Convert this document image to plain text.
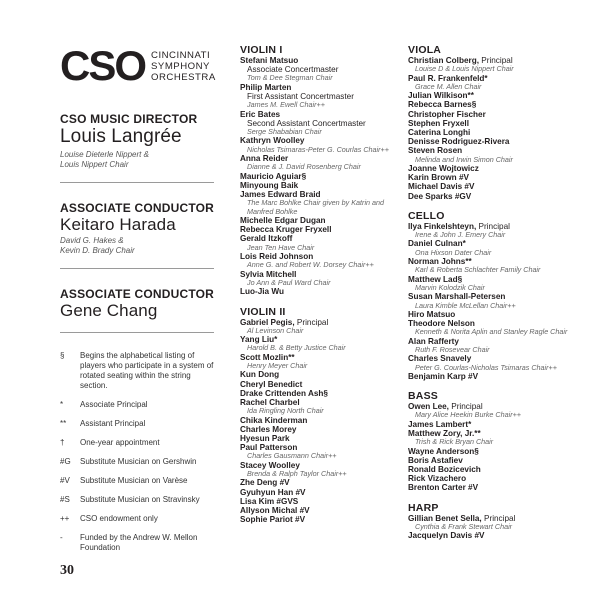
CSO CINCINNATI
SYMPHONY
ORCHESTRA
CSO MUSIC DIRECTOR
Louis Langrée
Louise Dieterle Nippert &
Louis Nippert Chair
ASSOCIATE CONDUCTOR
Keitaro Harada
David G. Hakes &
Kevin D. Brady Chair
ASSOCIATE CONDUCTOR
Gene Chang
§	Begins the alphabetical listing of players who participate in a system of rotated seating within the string section.
*	Associate Principal
**	Assistant Principal
†	One-year appointment
#G	Substitute Musician on Gershwin
#V	Substitute Musician on Varèse
#S	Substitute Musician on Stravinsky
++	CSO endowment only
-	Funded by the Andrew W. Mellon Foundation
30
VIOLIN I
Stefani Matsuo
Associate Concertmaster
Tom & Dee Stegman Chair
Philip Marten
First Assistant Concertmaster
James M. Ewell Chair++
Eric Bates
Second Assistant Concertmaster
Serge Shababian Chair
Kathryn Woolley
Nicholas Tsimaras-Peter G. Courlas Chair++
Anna Reider
Dianne & J. David Rosenberg Chair
Mauricio Aguiar§
Minyoung Baik
James Edward Braid
The Marc Bohlke Chair given by Katrin and Manfred Bohlke
Michelle Edgar Dugan
Rebecca Kruger Fryxell
Gerald Itzkoff
Jean Ten Have Chair
Lois Reid Johnson
Anne G. and Robert W. Dorsey Chair++
Sylvia Mitchell
Jo Ann & Paul Ward Chair
Luo-Jia Wu
VIOLIN II
Gabriel Pegis, Principal
Al Levinson Chair
Yang Liu*
Harold B. & Betty Justice Chair
Scott Mozlin**
Henry Meyer Chair
Kun Dong
Cheryl Benedict
Drake Crittenden Ash§
Rachel Charbel
Ida Ringling North Chair
Chika Kinderman
Charles Morey
Hyesun Park
Paul Patterson
Charles Gausmann Chair++
Stacey Woolley
Brenda & Ralph Taylor Chair++
Zhe Deng #V
Gyuhyun Han #V
Lisa Kim #GVS
Allyson Michal #V
Sophie Pariot #V
VIOLA
Christian Colberg, Principal
Louise D & Louis Nippert Chair
Paul R. Frankenfeld*
Grace M. Allen Chair
Julian Wilkison**
Rebecca Barnes§
Christopher Fischer
Stephen Fryxell
Caterina Longhi
Denisse Rodriguez-Rivera
Steven Rosen
Melinda and Irwin Simon Chair
Joanne Wojtowicz
Karin Brown #V
Michael Davis #V
Dee Sparks #GV
CELLO
Ilya Finkelshteyn, Principal
Irene & John J. Emery Chair
Daniel Culnan*
Ona Hixson Dater Chair
Norman Johns**
Karl & Roberta Schlachter Family Chair
Matthew Lad§
Marvin Kolodzik Chair
Susan Marshall-Petersen
Laura Kimble McLellan Chair++
Hiro Matsuo
Theodore Nelson
Kenneth & Norita Aplin and Stanley Ragle Chair
Alan Rafferty
Ruth F. Rosevear Chair
Charles Snavely
Peter G. Courlas-Nicholas Tsimaras Chair++
Benjamin Karp #V
BASS
Owen Lee, Principal
Mary Alice Heekin Burke Chair++
James Lambert*
Matthew Zory, Jr.**
Trish & Rick Bryan Chair
Wayne Anderson§
Boris Astafiev
Ronald Bozicevich
Rick Vizachero
Brenton Carter #V
HARP
Gillian Benet Sella, Principal
Cynthia & Frank Stewart Chair
Jacquelyn Davis #V
